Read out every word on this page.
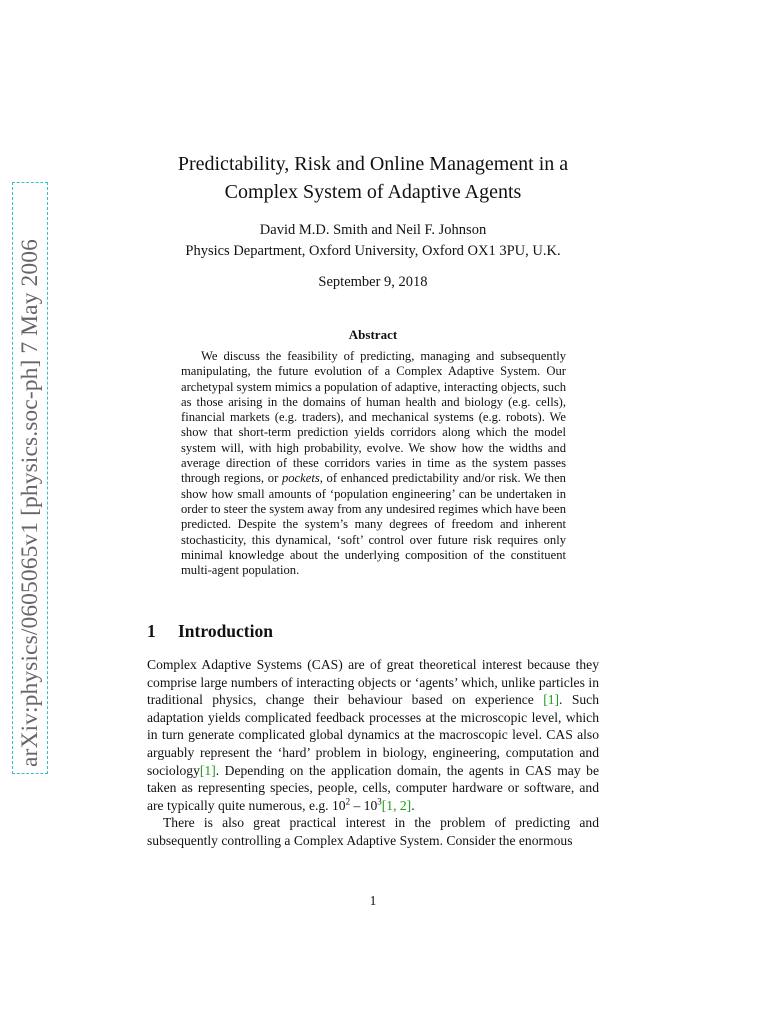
arXiv:physics/0605065v1 [physics.soc-ph] 7 May 2006
Predictability, Risk and Online Management in a
Complex System of Adaptive Agents
David M.D. Smith and Neil F. Johnson
Physics Department, Oxford University, Oxford OX1 3PU, U.K.
September 9, 2018
Abstract

We discuss the feasibility of predicting, managing and subsequently manipulating, the future evolution of a Complex Adaptive System. Our archetypal system mimics a population of adaptive, interacting objects, such as those arising in the domains of human health and biology (e.g. cells), financial markets (e.g. traders), and mechanical systems (e.g. robots). We show that short-term prediction yields corridors along which the model system will, with high probability, evolve. We show how the widths and average direction of these corridors varies in time as the system passes through regions, or pockets, of enhanced predictability and/or risk. We then show how small amounts of ‘population engineering’ can be undertaken in order to steer the system away from any undesired regimes which have been predicted. Despite the system’s many degrees of freedom and inherent stochasticity, this dynamical, ‘soft’ control over future risk requires only minimal knowledge about the underlying composition of the constituent multi-agent population.

1 Introduction

Complex Adaptive Systems (CAS) are of great theoretical interest because they comprise large numbers of interacting objects or ‘agents’ which, unlike particles in traditional physics, change their behaviour based on experience [1]. Such adaptation yields complicated feedback processes at the microscopic level, which in turn generate complicated global dynamics at the macroscopic level. CAS also arguably represent the ‘hard’ problem in biology, engineering, computation and sociology[1]. Depending on the application domain, the agents in CAS may be taken as representing species, people, cells, computer hardware or software, and are typically quite numerous, e.g. $10^2 - 10^3[1$, 2].

There is also great practical interest in the problem of predicting and subsequently controlling a Complex Adaptive System. Consider the enormous

1
